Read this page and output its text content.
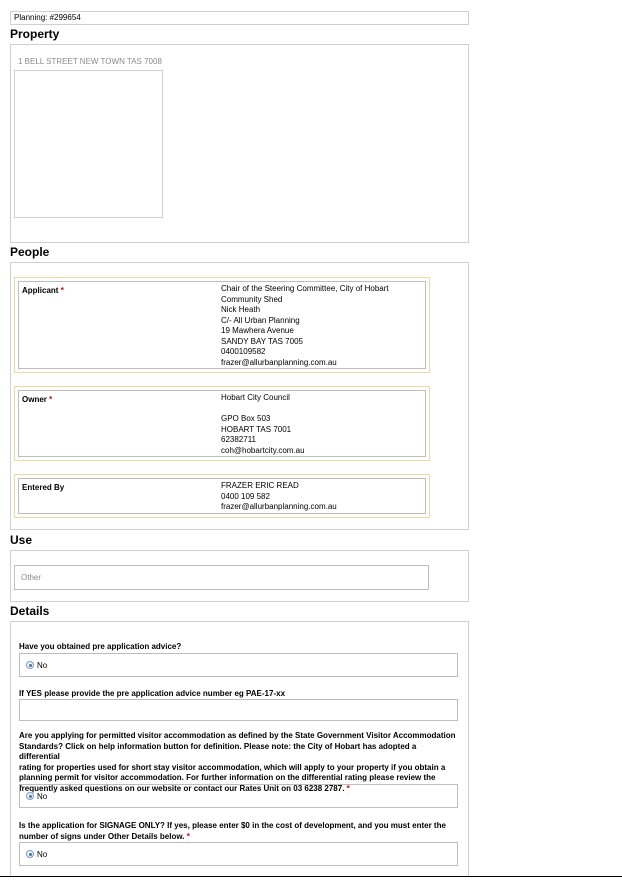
Planning: #299654
Property
1 BELL STREET NEW TOWN TAS 7008
People
Applicant *	Chair of the Steering Committee, City of Hobart
Community Shed
Nick Heath
C/- All Urban Planning
19 Mawhera Avenue
SANDY BAY TAS 7005
0400109582
frazer@allurbanplanning.com.au
Owner *	Hobart City Council
GPO Box 503
HOBART TAS 7001
62382711
coh@hobartcity.com.au
Entered By	FRAZER ERIC READ
0400 109 582
frazer@allurbanplanning.com.au
Use
Other
Details
Have you obtained pre application advice?
No
If YES please provide the pre application advice number eg PAE-17-xx
Are you applying for permitted visitor accommodation as defined by the State Government Visitor Accommodation
Standards? Click on help information button for definition. Please note: the City of Hobart has adopted a differential
rating for properties used for short stay visitor accommodation, which will apply to your property if you obtain a
planning permit for visitor accommodation. For further information on the differential rating please review the
frequently asked questions on our website or contact our Rates Unit on 03 6238 2787. *
No
Is the application for SIGNAGE ONLY? If yes, please enter $0 in the cost of development, and you must enter the
number of signs under Other Details below. *
No
